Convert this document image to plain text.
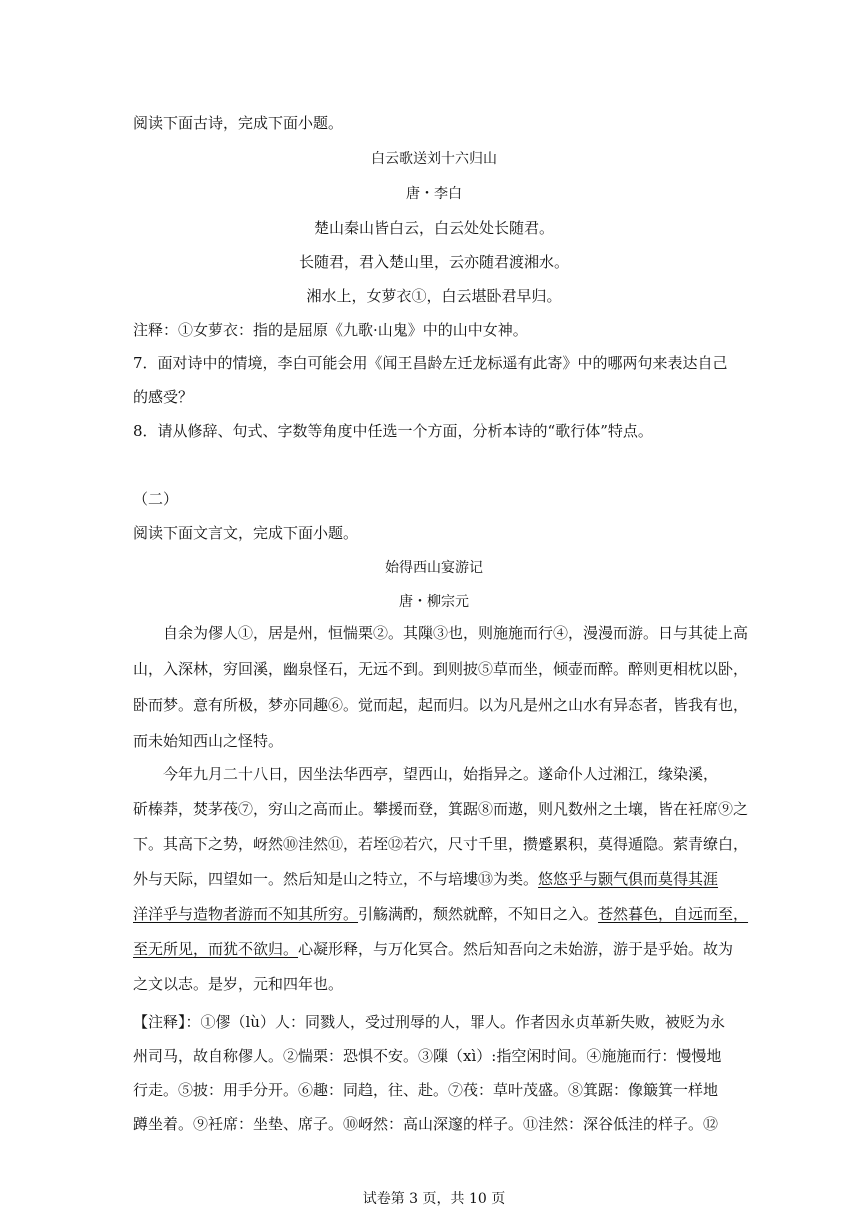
阅读下面古诗，完成下面小题。
白云歌送刘十六归山
唐・李白
楚山秦山皆白云，白云处处长随君。
长随君，君入楚山里，云亦随君渡湘水。
湘水上，女萝衣①，白云堪卧君早归。
注释：①女萝衣：指的是屈原《九歌·山鬼》中的山中女神。
7．面对诗中的情境，李白可能会用《闻王昌龄左迁龙标遥有此寄》中的哪两句来表达自己
的感受？
8．请从修辞、句式、字数等角度中任选一个方面，分析本诗的“歌行体”特点。
（二）
阅读下面文言文，完成下面小题。
始得西山宴游记
唐・柳宗元
　　自余为僇人①，居是州，恒惴栗②。其隟③也，则施施而行④，漫漫而游。日与其徒上高
山，入深林，穷回溪，幽泉怪石，无远不到。到则披⑤草而坐，倾壶而醉。醉则更相枕以卧，
卧而梦。意有所极，梦亦同趣⑥。觉而起，起而归。以为凡是州之山水有异态者，皆我有也，
而未始知西山之怪特。
　　今年九月二十八日，因坐法华西亭，望西山，始指异之。遂命仆人过湘江，缘染溪，
斫榛莽，焚茅茷⑦，穷山之高而止。攀援而登，箕踞⑧而遨，则凡数州之土壤，皆在衽席⑨之
下。其高下之势，岈然⑩洼然⑪，若垤⑫若穴，尺寸千里，攒蹙累积，莫得遁隐。萦青缭白，
外与天际，四望如一。然后知是山之特立，不与培塿⑬为类。悠悠乎与颢气俱而莫得其涯
洋洋乎与造物者游而不知其所穷。引觞满酌，颓然就醉，不知日之入。苍然暮色，自远而至，
至无所见，而犹不欲归。心凝形释，与万化冥合。然后知吾向之未始游，游于是乎始。故为
之文以志。是岁，元和四年也。
【注释】：①僇（lù）人：同戮人，受过刑辱的人，罪人。作者因永贞革新失败，被贬为永
州司马，故自称僇人。②惴栗：恐惧不安。③隟（xì）:指空闲时间。④施施而行：慢慢地
行走。⑤披：用手分开。⑥趣：同趋，往、赴。⑦茷：草叶茂盛。⑧箕踞：像簸箕一样地
蹲坐着。⑨衽席：坐垫、席子。⑩岈然：高山深邃的样子。⑪洼然：深谷低洼的样子。⑫
试卷第 3 页，共 10 页
